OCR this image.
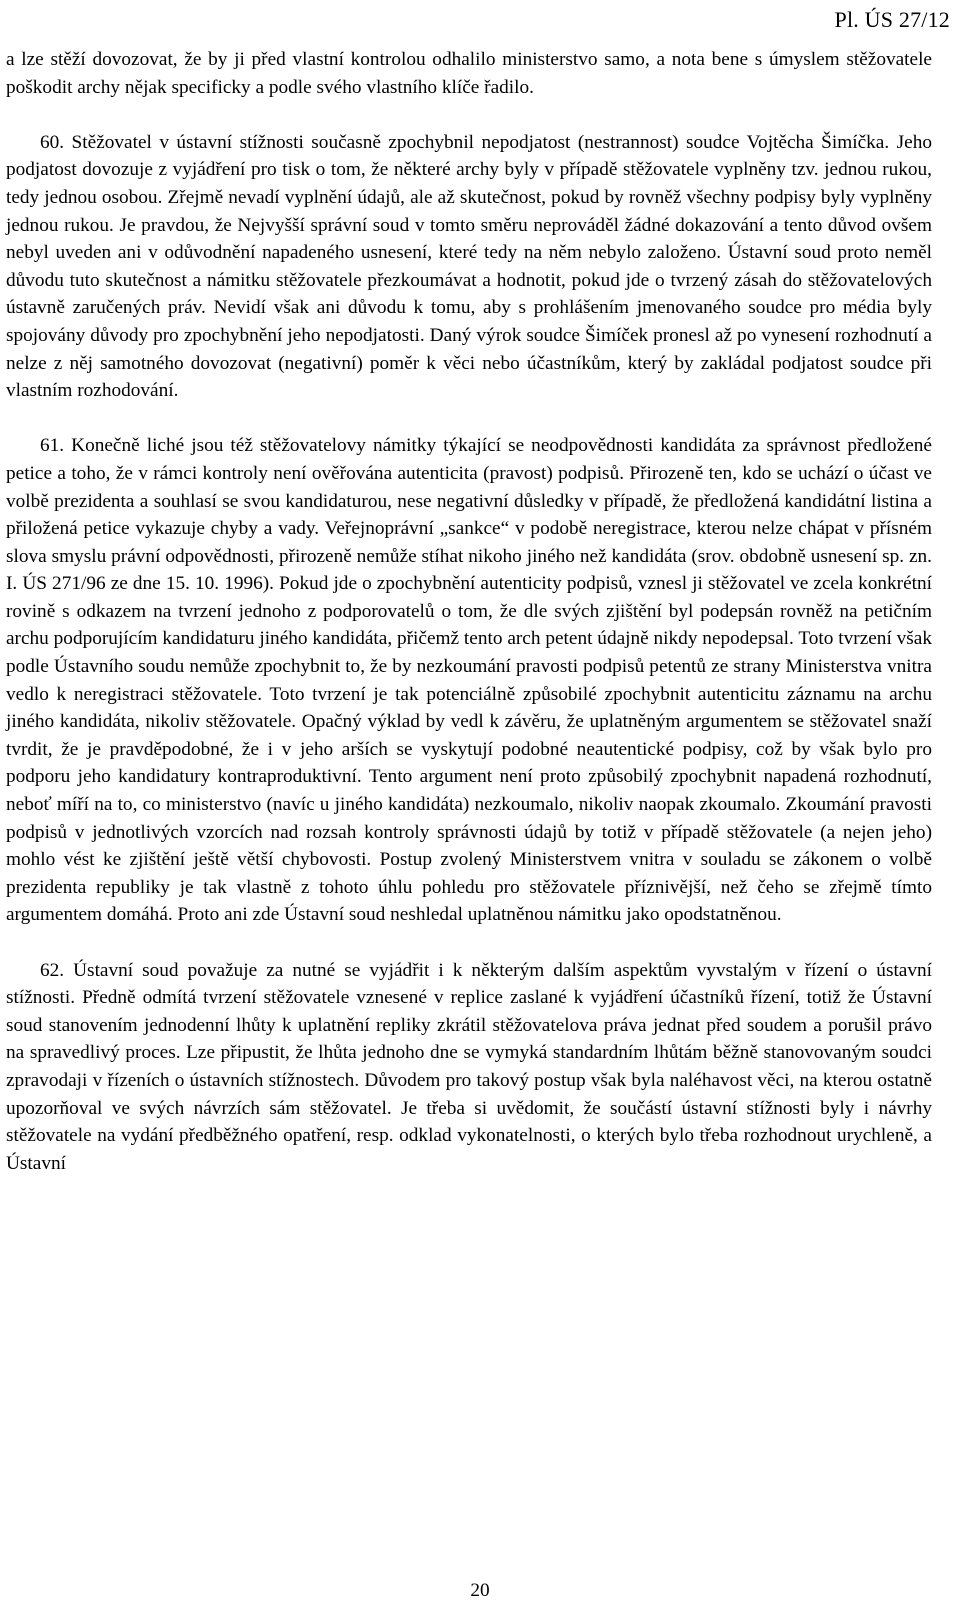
Pl. ÚS 27/12

a lze stěží dovozovat, že by ji před vlastní kontrolou odhalilo ministerstvo samo, a nota bene s úmyslem stěžovatele poškodit archy nějak specificky a podle svého vlastního klíče řadilo.

60. Stěžovatel v ústavní stížnosti současně zpochybnil nepodjatost (nestrannost) soudce Vojtěcha Šimíčka. Jeho podjatost dovozuje z vyjádření pro tisk o tom, že některé archy byly v případě stěžovatele vyplněny tzv. jednou rukou, tedy jednou osobou. Zřejmě nevadí vyplnění údajů, ale až skutečnost, pokud by rovněž všechny podpisy byly vyplněny jednou rukou. Je pravdou, že Nejvyšší správní soud v tomto směru neprováděl žádné dokazování a tento důvod ovšem nebyl uveden ani v odůvodnění napadeného usnesení, které tedy na něm nebylo založeno. Ústavní soud proto neměl důvodu tuto skutečnost a námitku stěžovatele přezkoumávat a hodnotit, pokud jde o tvrzený zásah do stěžovatelových ústavně zaručených práv. Nevidí však ani důvodu k tomu, aby s prohlášením jmenovaného soudce pro média byly spojovány důvody pro zpochybnění jeho nepodjatosti. Daný výrok soudce Šimíček pronesl až po vynesení rozhodnutí a nelze z něj samotného dovozovat (negativní) poměr k věci nebo účastníkům, který by zakládal podjatost soudce při vlastním rozhodování.

61. Konečně liché jsou též stěžovatelovy námitky týkající se neodpovědnosti kandidáta za správnost předložené petice a toho, že v rámci kontroly není ověřována autenticita (pravost) podpisů. Přirozeně ten, kdo se uchází o účast ve volbě prezidenta a souhlasí se svou kandidaturou, nese negativní důsledky v případě, že předložená kandidátní listina a přiložená petice vykazuje chyby a vady. Veřejnoprávní „sankce“ v podobě neregistrace, kterou nelze chápat v přísném slova smyslu právní odpovědnosti, přirozeně nemůže stíhat nikoho jiného než kandidáta (srov. obdobně usnesení sp. zn. I. ÚS 271/96 ze dne 15. 10. 1996). Pokud jde o zpochybnění autenticity podpisů, vznesl ji stěžovatel ve zcela konkrétní rovině s odkazem na tvrzení jednoho z podporovatelů o tom, že dle svých zjištění byl podepsán rovněž na petičním archu podporujícím kandidaturu jiného kandidáta, přičemž tento arch petent údajně nikdy nepodepsal. Toto tvrzení však podle Ústavního soudu nemůže zpochybnit to, že by nezkoumání pravosti podpisů petentů ze strany Ministerstva vnitra vedlo k neregistraci stěžovatele. Toto tvrzení je tak potenciálně způsobilé zpochybnit autenticitu záznamu na archu jiného kandidáta, nikoliv stěžovatele. Opačný výklad by vedl k závěru, že uplatněným argumentem se stěžovatel snaží tvrdit, že je pravděpodobné, že i v jeho arších se vyskytují podobné neautentické podpisy, což by však bylo pro podporu jeho kandidatury kontraproduktivní. Tento argument není proto způsobilý zpochybnit napadená rozhodnutí, neboť míří na to, co ministerstvo (navíc u jiného kandidáta) nezkoumalo, nikoliv naopak zkoumalo. Zkoumání pravosti podpisů v jednotlivých vzorcích nad rozsah kontroly správnosti údajů by totiž v případě stěžovatele (a nejen jeho) mohlo vést ke zjištění ještě větší chybovosti. Postup zvolený Ministerstvem vnitra v souladu se zákonem o volbě prezidenta republiky je tak vlastně z tohoto úhlu pohledu pro stěžovatele příznivější, než čeho se zřejmě tímto argumentem domáhá. Proto ani zde Ústavní soud neshledal uplatněnou námitku jako opodstatněnou.

62. Ústavní soud považuje za nutné se vyjádřit i k některým dalším aspektům vyvstalým v řízení o ústavní stížnosti. Předně odmítá tvrzení stěžovatele vznesené v replice zaslané k vyjádření účastníků řízení, totiž že Ústavní soud stanovením jednodenní lhůty k uplatnění repliky zkrátil stěžovatelova práva jednat před soudem a porušil právo na spravedlivý proces. Lze připustit, že lhůta jednoho dne se vymyká standardním lhůtám běžně stanovovaným soudci zpravodaji v řízeních o ústavních stížnostech. Důvodem pro takový postup však byla naléhavost věci, na kterou ostatně upozorňoval ve svých návrzích sám stěžovatel. Je třeba si uvědomit, že součástí ústavní stížnosti byly i návrhy stěžovatele na vydání předběžného opatření, resp. odklad vykonatelnosti, o kterých bylo třeba rozhodnout urychleně, a Ústavní

20
